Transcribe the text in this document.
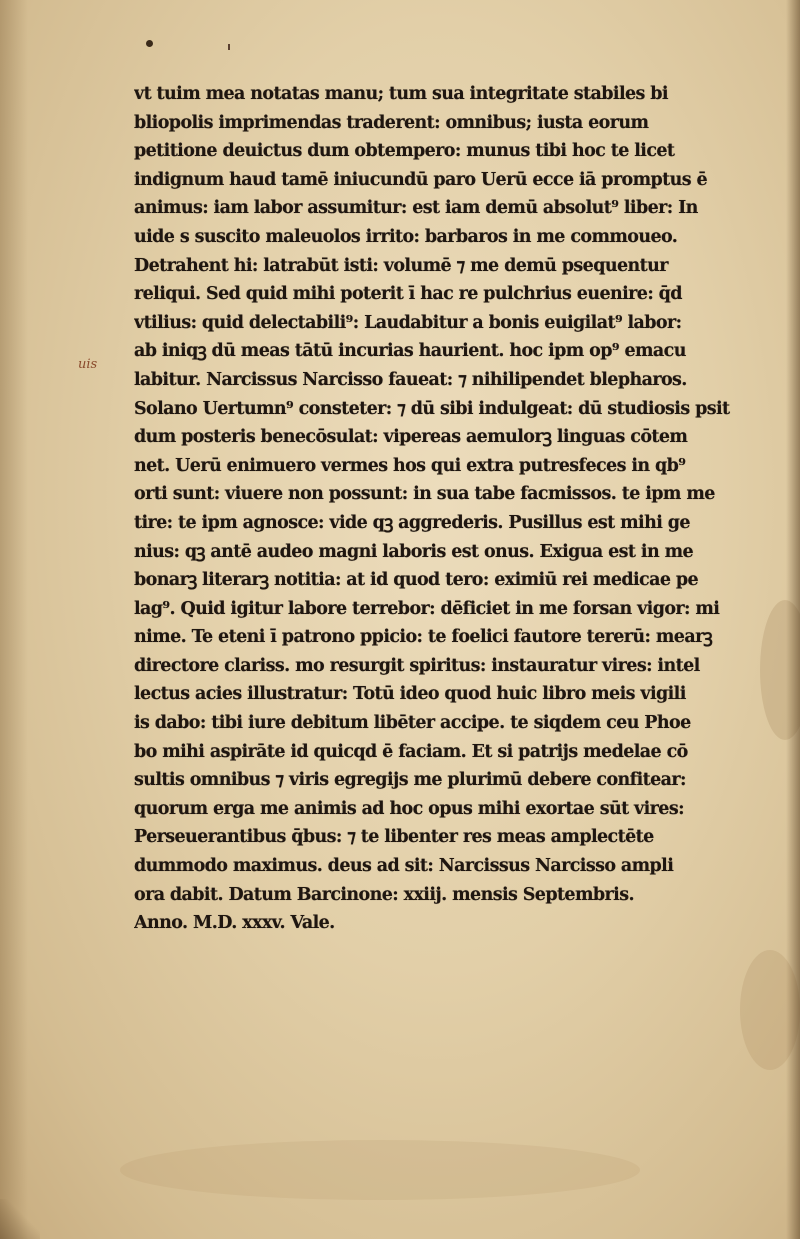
uis
vt tuim mea notatas manu; tum sua integritate stabiles bi
bliopolis imprimendas traderent: omnibus; iusta eorum
petitione deuictus dum obtempero: munus tibi hoc te licet
indignum haud tamē iniucundū paro Uerū ecce iā promptus ē
animus: iam labor assumitur: est iam demū absolut⁹ liber: In
uide s suscito maleuolos irrito: barbaros in me commoueo.
Detrahent hi: latrabūt isti: volumē ⁊ me demū psequentur
reliqui. Sed quid mihi poterit ī hac re pulchrius euenire: q̄d
vtilius: quid delectabili⁹: Laudabitur a bonis euigilat⁹ labor:
ab iniqꝫ dū meas tātū incurias haurient. hoc ipm op⁹ emacu
labitur. Narcissus Narcisso faueat: ⁊ nihilipendet blepharos.
Solano Uertumn⁹ consteter: ⁊ dū sibi indulgeat: dū studiosis psit
dum posteris benecōsulat: vipereas aemulorꝫ linguas cōtem
net. Uerū enimuero vermes hos qui extra putresfeces in qb⁹
orti sunt: viuere non possunt: in sua tabe facmissos. te ipm me
tire: te ipm agnosce: vide qꝫ aggrederis. Pusillus est mihi ge
nius: qꝫ antē audeo magni laboris est onus. Exigua est in me
bonarꝫ literarꝫ notitia: at id quod tero: eximiū rei medicae pe
lag⁹. Quid igitur labore terrebor: dēficiet in me forsan vigor: mi
nime. Te eteni ī patrono ppicio: te foelici fautore tererū: mearꝫ
directore clariss. mo resurgit spiritus: instauratur vires: intel
lectus acies illustratur: Totū ideo quod huic libro meis vigili
is dabo: tibi iure debitum libēter accipe. te siqdem ceu Phoe
bo mihi aspirāte id quicqd ē faciam. Et si patrijs medelae cō
sultis omnibus ⁊ viris egregijs me plurimū debere confitear:
quorum erga me animis ad hoc opus mihi exortae sūt vires:
Perseuerantibus q̄bus: ⁊ te libenter res meas amplectēte
dummodo maximus. deus ad sit: Narcissus Narcisso ampli
ora dabit. Datum Barcinone: xxiij. mensis Septembris.
Anno. M.D. xxxv. Vale.
